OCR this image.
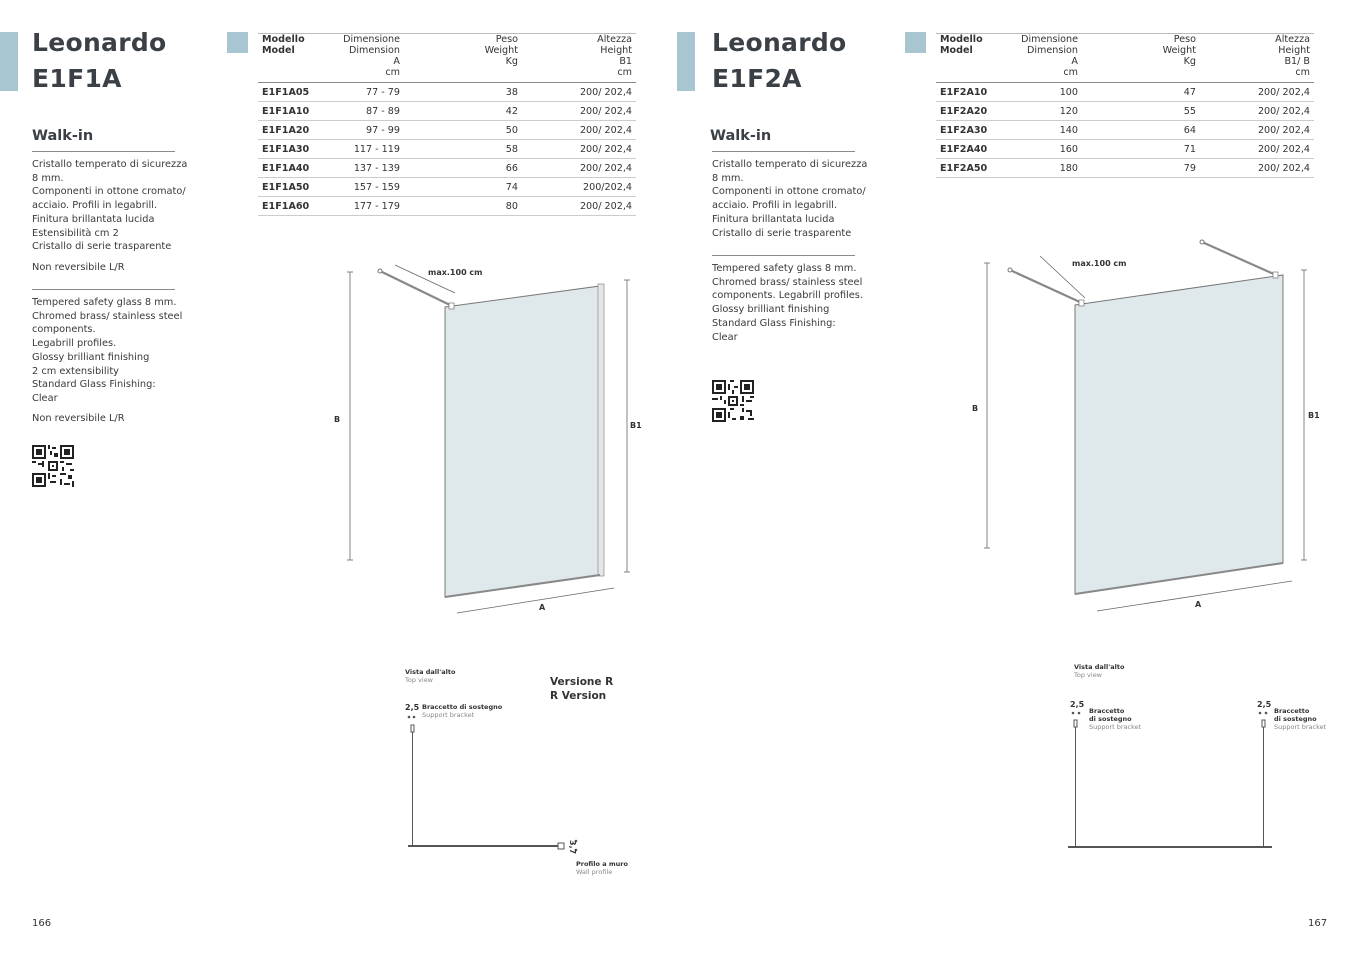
Leonardo
E1F1A
Walk-in

Cristallo temperato di sicurezza

8 mm.

Componenti in ottone cromato/

acciaio. Profili in legabrill.

Finitura brillantata lucida

Estensibilità cm 2

Cristallo di serie trasparente

Non reversibile L/R

Tempered safety glass 8 mm.

Chromed brass/ stainless steel

components.

Legabrill profiles.

Glossy brilliant finishing

2 cm extensibility

Standard Glass Finishing:

Clear

Non reversibile L/R
Modello
Model	Dimensione
Dimension
A
cm	Peso
Weight
Kg	Altezza
Height
B1
cm

E1F1A05	77 - 79	38	200/ 202,4
E1F1A10	87 - 89	42	200/ 202,4
E1F1A20	97 - 99	50	200/ 202,4
E1F1A30	117 - 119	58	200/ 202,4
E1F1A40	137 - 139	66	200/ 202,4
E1F1A50	157 - 159	74	200/202,4
E1F1A60	177 - 179	80	200/ 202,4
max.100 cm
B
B1
A
Vista dall'alto
Top view	Versione R
R Version
2,5 Braccetto di sostegno
Support bracket
3,7
Profilo a muro
Wall profile
166
Leonardo
E1F2A
Walk-in

Cristallo temperato di sicurezza

8 mm.

Componenti in ottone cromato/

acciaio. Profili in legabrill.

Finitura brillantata lucida

Cristallo di serie trasparente

Tempered safety glass 8 mm.

Chromed brass/ stainless steel

components. Legabrill profiles.

Glossy brilliant finishing

Standard Glass Finishing:

Clear

Modello
Model	Dimensione
Dimension
A
cm	Peso
Weight
Kg	Altezza
Height
B1/ B
cm

E1F2A10	100	47	200/ 202,4
E1F2A20	120	55	200/ 202,4
E1F2A30	140	64	200/ 202,4
E1F2A40	160	71	200/ 202,4
E1F2A50	180	79	200/ 202,4
max.100 cm
B
B1
A
Vista dall'alto
Top view
2,5
Braccetto
di sostegno
Support bracket
2,5
Braccetto
di sostegno
Support bracket
167
